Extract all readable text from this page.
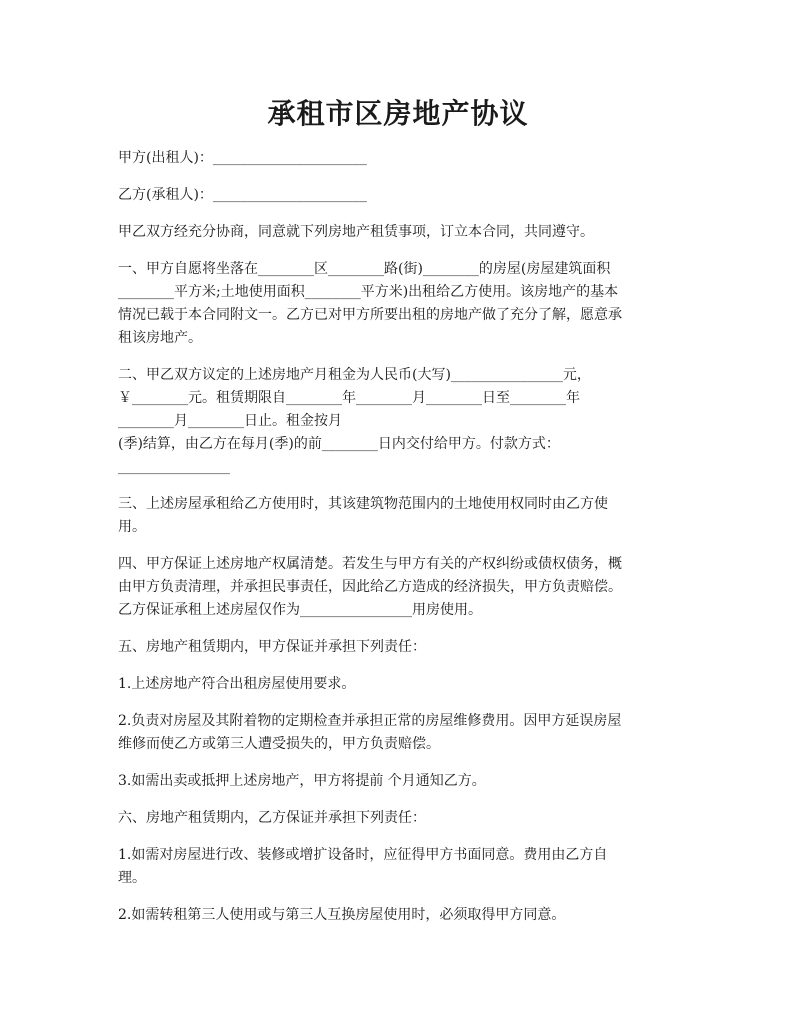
承租市区房地产协议

甲方(出租人)：______________________

乙方(承租人)：______________________

甲乙双方经充分协商，同意就下列房地产租赁事项，订立本合同，共同遵守。

一、甲方自愿将坐落在________区________路(街)________的房屋(房屋建筑面积
________平方米;土地使用面积________平方米)出租给乙方使用。该房地产的基本
情况已载于本合同附文一。乙方已对甲方所要出租的房地产做了充分了解，愿意承
租该房地产。

二、甲乙双方议定的上述房地产月租金为人民币(大写)________________元，
￥________元。租赁期限自________年________月________日至________年
________月________日止。租金按月
(季)结算，由乙方在每月(季)的前________日内交付给甲方。付款方式：
________________

三、上述房屋承租给乙方使用时，其该建筑物范围内的土地使用权同时由乙方使
用。

四、甲方保证上述房地产权属清楚。若发生与甲方有关的产权纠纷或债权债务，概
由甲方负责清理，并承担民事责任，因此给乙方造成的经济损失，甲方负责赔偿。
乙方保证承租上述房屋仅作为________________用房使用。

五、房地产租赁期内，甲方保证并承担下列责任：

1.上述房地产符合出租房屋使用要求。

2.负责对房屋及其附着物的定期检查并承担正常的房屋维修费用。因甲方延误房屋
维修而使乙方或第三人遭受损失的，甲方负责赔偿。

3.如需出卖或抵押上述房地产，甲方将提前 个月通知乙方。

六、房地产租赁期内，乙方保证并承担下列责任：

1.如需对房屋进行改、装修或增扩设备时，应征得甲方书面同意。费用由乙方自
理。

2.如需转租第三人使用或与第三人互换房屋使用时，必须取得甲方同意。
